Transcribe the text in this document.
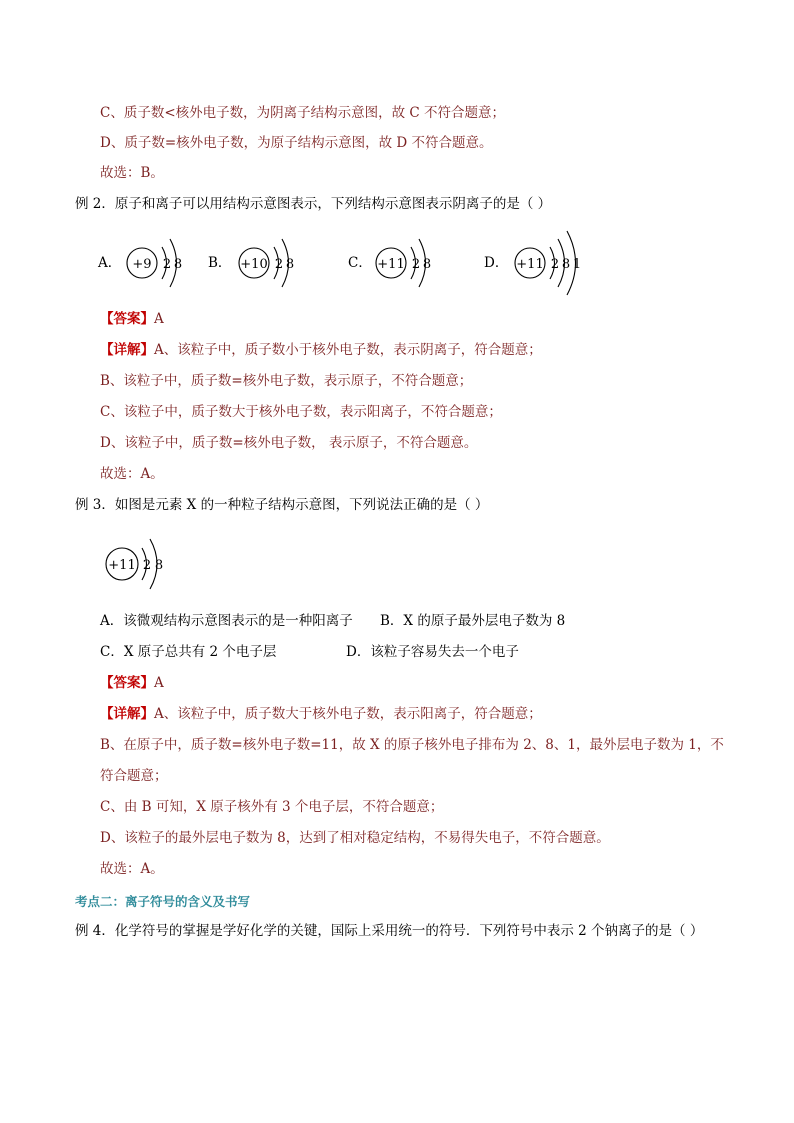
C、质子数<核外电子数，为阴离子结构示意图，故 C 不符合题意；
D、质子数=核外电子数，为原子结构示意图，故 D 不符合题意。
故选：B。
例 2．原子和离子可以用结构示意图表示，下列结构示意图表示阴离子的是（ ）
A． +9 2 8 B． +10 2 8	C． +11 2 8	D． +11 2 8 1
【答案】A
【详解】A、该粒子中，质子数小于核外电子数，表示阴离子，符合题意；
B、该粒子中，质子数=核外电子数，表示原子，不符合题意；
C、该粒子中，质子数大于核外电子数，表示阳离子，不符合题意；
D、该粒子中，质子数=核外电子数， 表示原子，不符合题意。
故选：A。
例 3．如图是元素 X 的一种粒子结构示意图，下列说法正确的是（ ）
+11 2 8
A．该微观结构示意图表示的是一种阳离子 B．X 的原子最外层电子数为 8
C．X 原子总共有 2 个电子层	D．该粒子容易失去一个电子
【答案】A
【详解】A、该粒子中，质子数大于核外电子数，表示阳离子，符合题意；
B、在原子中，质子数=核外电子数=11，故 X 的原子核外电子排布为 2、8、1，最外层电子数为 1，不
符合题意；
C、由 B 可知，X 原子核外有 3 个电子层，不符合题意；
D、该粒子的最外层电子数为 8，达到了相对稳定结构，不易得失电子，不符合题意。
故选：A。
考点二：离子符号的含义及书写
例 4．化学符号的掌握是学好化学的关键，国际上采用统一的符号．下列符号中表示 2 个钠离子的是（ ）
